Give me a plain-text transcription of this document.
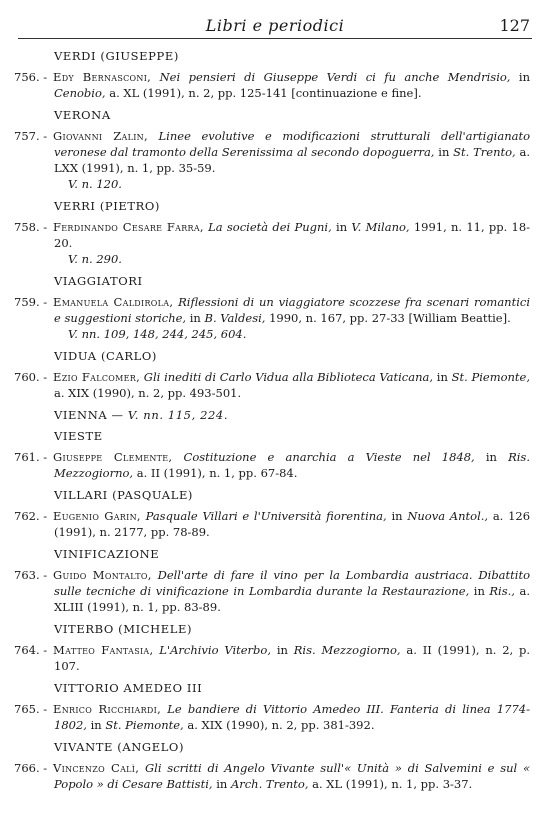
Libri e periodici	127
VERDI (GIUSEPPE)
756. - Edy Bernasconi, Nei pensieri di Giuseppe Verdi ci fu anche Mendrisio, in Cenobio, a. XL (1991), n. 2, pp. 125-141 [continuazione e fine].
VERONA
757. - Giovanni Zalin, Linee evolutive e modificazioni strutturali dell'artigianato veronese dal tramonto della Serenissima al secondo dopoguerra, in St. Trento, a. LXX (1991), n. 1, pp. 35-59.
V. n. 120.
VERRI (PIETRO)
758. - Ferdinando Cesare Farra, La società dei Pugni, in V. Milano, 1991, n. 11, pp. 18-20.
V. n. 290.
VIAGGIATORI
759. - Emanuela Caldirola, Riflessioni di un viaggiatore scozzese fra scenari romantici e suggestioni storiche, in B. Valdesi, 1990, n. 167, pp. 27-33 [William Beattie].
V. nn. 109, 148, 244, 245, 604.
VIDUA (CARLO)
760. - Ezio Falcomer, Gli inediti di Carlo Vidua alla Biblioteca Vaticana, in St. Piemonte, a. XIX (1990), n. 2, pp. 493-501.
VIENNA — V. nn. 115, 224.
VIESTE
761. - Giuseppe Clemente, Costituzione e anarchia a Vieste nel 1848, in Ris. Mezzogiorno, a. II (1991), n. 1, pp. 67-84.
VILLARI (PASQUALE)
762. - Eugenio Garin, Pasquale Villari e l'Università fiorentina, in Nuova Antol., a. 126 (1991), n. 2177, pp. 78-89.
VINIFICAZIONE
763. - Guido Montalto, Dell'arte di fare il vino per la Lombardia austriaca. Dibattito sulle tecniche di vinificazione in Lombardia durante la Restaurazione, in Ris., a. XLIII (1991), n. 1, pp. 83-89.
VITERBO (MICHELE)
764. - Matteo Fantasia, L'Archivio Viterbo, in Ris. Mezzogiorno, a. II (1991), n. 2, p. 107.
VITTORIO AMEDEO III
765. - Enrico Ricchiardi, Le bandiere di Vittorio Amedeo III. Fanteria di linea 1774-1802, in St. Piemonte, a. XIX (1990), n. 2, pp. 381-392.
VIVANTE (ANGELO)
766. - Vincenzo Calì, Gli scritti di Angelo Vivante sull'« Unità » di Salvemini e sul « Popolo » di Cesare Battisti, in Arch. Trento, a. XL (1991), n. 1, pp. 3-37.
